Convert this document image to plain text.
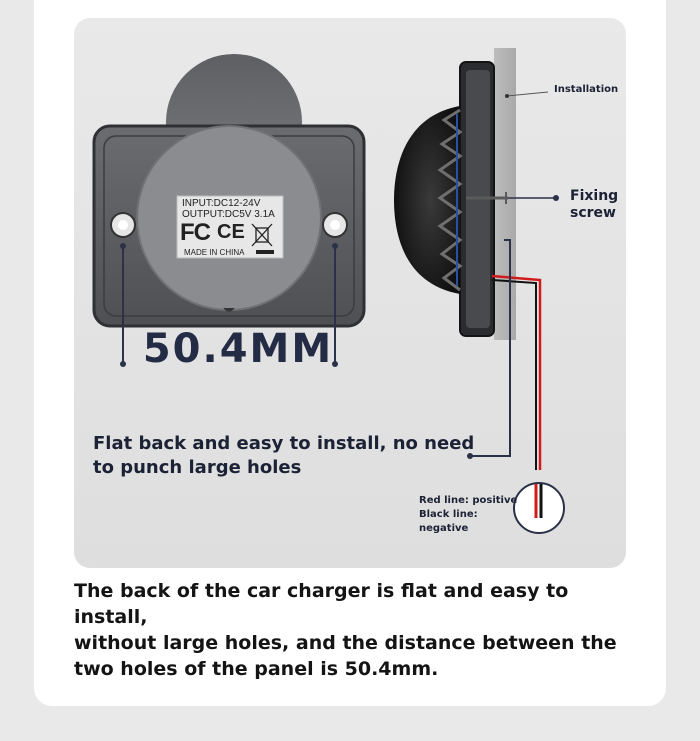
INPUT:DC12-24V
OUTPUT:DC5V 3.1A
FC CE
MADE IN CHINA
50.4MM
Installation
Fixing
screw
Flat back and easy to install, no need
to punch large holes
Red line: positive
Black line:
negative
The back of the car charger is flat and easy to install,
without large holes, and the distance between the
two holes of the panel is 50.4mm.
